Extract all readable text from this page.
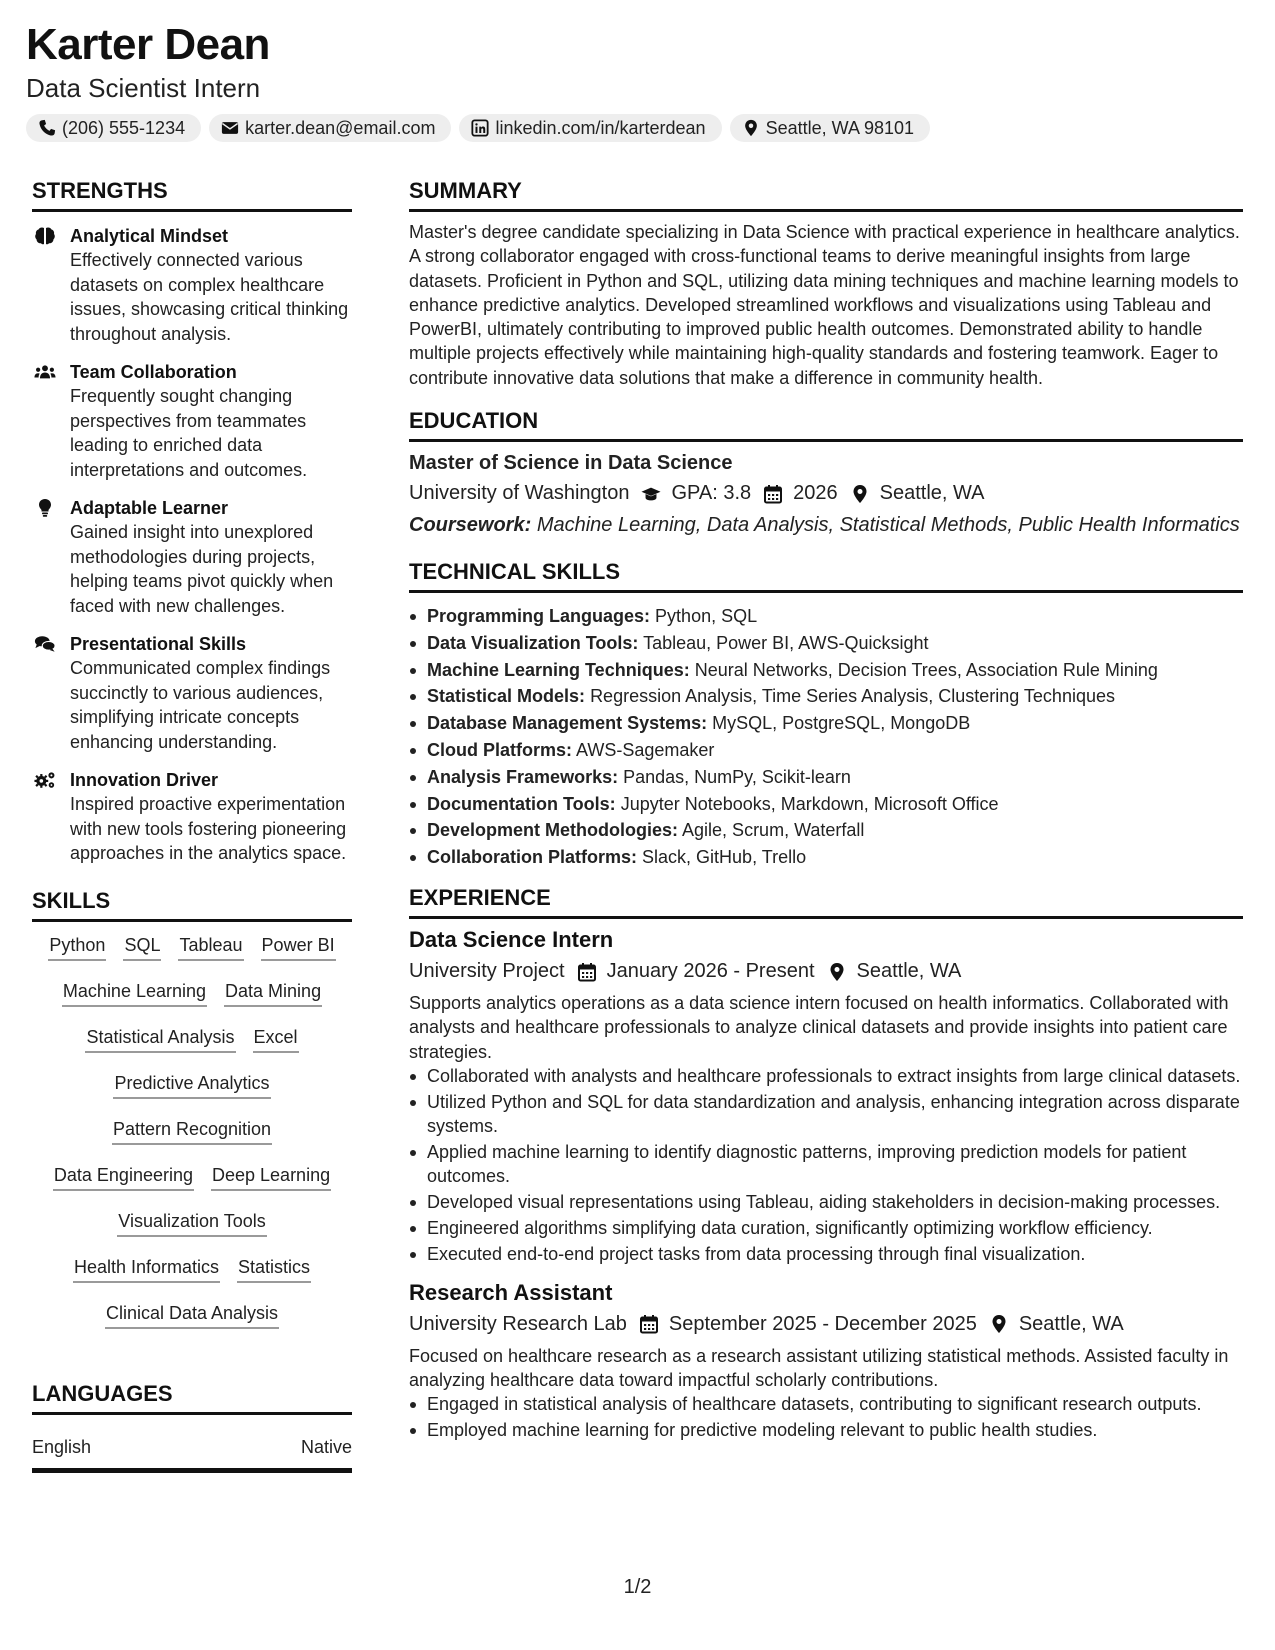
Karter Dean
Data Scientist Intern
(206) 555-1234	karter.dean@email.com	linkedin.com/in/karterdean	Seattle, WA 98101
STRENGTHS
Analytical Mindset
Effectively connected various datasets on complex healthcare issues, showcasing critical thinking throughout analysis.
Team Collaboration
Frequently sought changing perspectives from teammates leading to enriched data interpretations and outcomes.
Adaptable Learner
Gained insight into unexplored methodologies during projects, helping teams pivot quickly when faced with new challenges.
Presentational Skills
Communicated complex findings succinctly to various audiences, simplifying intricate concepts enhancing understanding.
Innovation Driver
Inspired proactive experimentation with new tools fostering pioneering approaches in the analytics space.
SKILLS
Python SQL Tableau Power BI
Machine Learning Data Mining
Statistical Analysis Excel
Predictive Analytics
Pattern Recognition
Data Engineering Deep Learning
Visualization Tools
Health Informatics Statistics
Clinical Data Analysis
LANGUAGES
English	Native
SUMMARY
Master's degree candidate specializing in Data Science with practical experience in healthcare analytics. A strong collaborator engaged with cross-functional teams to derive meaningful insights from large datasets. Proficient in Python and SQL, utilizing data mining techniques and machine learning models to enhance predictive analytics. Developed streamlined workflows and visualizations using Tableau and PowerBI, ultimately contributing to improved public health outcomes. Demonstrated ability to handle multiple projects effectively while maintaining high-quality standards and fostering teamwork. Eager to contribute innovative data solutions that make a difference in community health.
EDUCATION
Master of Science in Data Science
University of Washington GPA: 3.8 2026 Seattle, WA
Coursework: Machine Learning, Data Analysis, Statistical Methods, Public Health Informatics
TECHNICAL SKILLS
Programming Languages: Python, SQL
Data Visualization Tools: Tableau, Power BI, AWS-Quicksight
Machine Learning Techniques: Neural Networks, Decision Trees, Association Rule Mining
Statistical Models: Regression Analysis, Time Series Analysis, Clustering Techniques
Database Management Systems: MySQL, PostgreSQL, MongoDB
Cloud Platforms: AWS-Sagemaker
Analysis Frameworks: Pandas, NumPy, Scikit-learn
Documentation Tools: Jupyter Notebooks, Markdown, Microsoft Office
Development Methodologies: Agile, Scrum, Waterfall
Collaboration Platforms: Slack, GitHub, Trello
EXPERIENCE
Data Science Intern
University Project January 2026 - Present Seattle, WA
Supports analytics operations as a data science intern focused on health informatics. Collaborated with analysts and healthcare professionals to analyze clinical datasets and provide insights into patient care strategies.
Collaborated with analysts and healthcare professionals to extract insights from large clinical datasets.
Utilized Python and SQL for data standardization and analysis, enhancing integration across disparate systems.
Applied machine learning to identify diagnostic patterns, improving prediction models for patient outcomes.
Developed visual representations using Tableau, aiding stakeholders in decision-making processes.
Engineered algorithms simplifying data curation, significantly optimizing workflow efficiency.
Executed end-to-end project tasks from data processing through final visualization.
Research Assistant
University Research Lab September 2025 - December 2025 Seattle, WA
Focused on healthcare research as a research assistant utilizing statistical methods. Assisted faculty in analyzing healthcare data toward impactful scholarly contributions.
Engaged in statistical analysis of healthcare datasets, contributing to significant research outputs.
Employed machine learning for predictive modeling relevant to public health studies.
1/2
